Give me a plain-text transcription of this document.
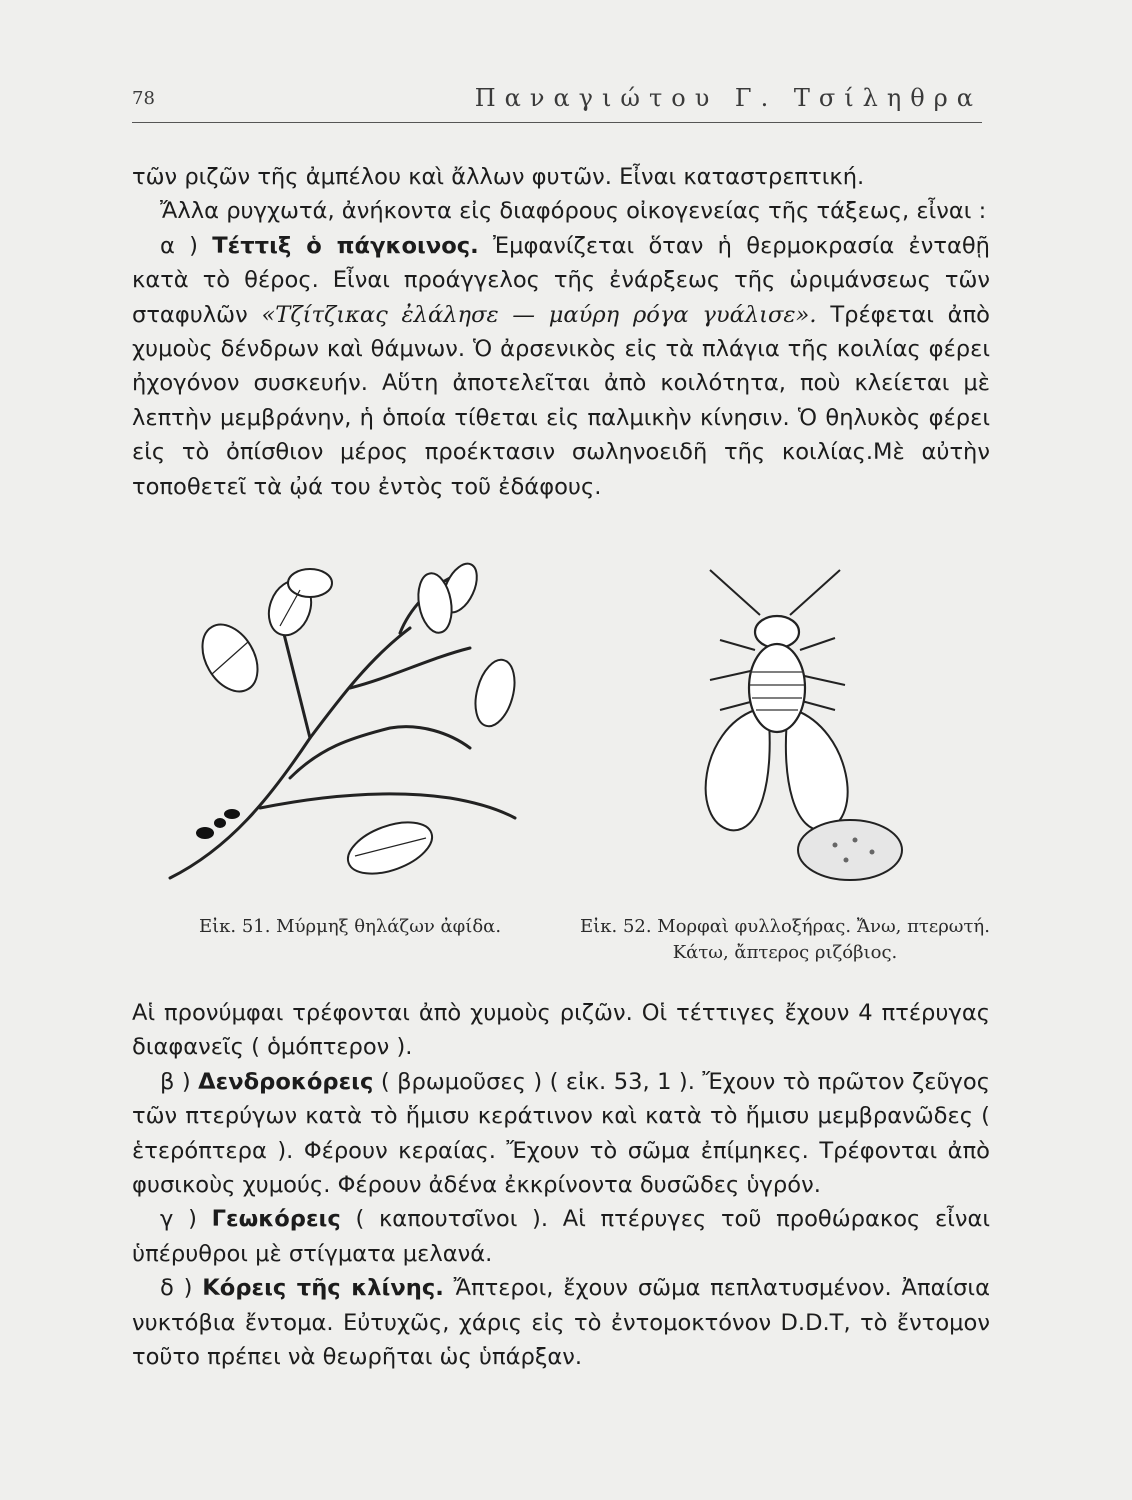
78	Παναγιώτου Γ. Τσίληθρα

τῶν ριζῶν τῆς ἀμπέλου καὶ ἄλλων φυτῶν. Εἶναι καταστρεπτική.

Ἄλλα ρυγχωτά, ἀνήκοντα εἰς διαφόρους οἰκογενείας τῆς τάξεως, εἶναι :

α ) Τέττιξ ὁ πάγκοινος. Ἐμφανίζεται ὅταν ἡ θερμοκρασία ἐνταθῇ κατὰ τὸ θέρος. Εἶναι προάγγελος τῆς ἐνάρξεως τῆς ὡριμάνσεως τῶν σταφυλῶν «Τζίτζικας ἐλάλησε — μαύρη ρόγα γυάλισε». Τρέφεται ἀπὸ χυμοὺς δένδρων καὶ θάμνων. Ὁ ἀρσενικὸς εἰς τὰ πλάγια τῆς κοιλίας φέρει ἠχογόνον συσκευήν. Αὕτη ἀποτελεῖται ἀπὸ κοιλότητα, ποὺ κλείεται μὲ λεπτὴν μεμβράνην, ἡ ὁποία τίθεται εἰς παλμικὴν κίνησιν. Ὁ θηλυκὸς φέρει εἰς τὸ ὀπίσθιον μέρος προέκτασιν σωληνοειδῆ τῆς κοιλίας.Μὲ αὐτὴν τοποθετεῖ τὰ ᾠά του ἐντὸς τοῦ ἐδάφους.

Εἰκ. 51. Μύρμηξ θηλάζων ἀφίδα.	Εἰκ. 52. Μορφαὶ φυλλοξήρας. Ἄνω, πτερωτή. Κάτω, ἄπτερος ριζόβιος.

Αἱ προνύμφαι τρέφονται ἀπὸ χυμοὺς ριζῶν. Οἱ τέττιγες ἔχουν 4 πτέρυγας διαφανεῖς ( ὁμόπτερον ).

β ) Δενδροκόρεις ( βρωμοῦσες ) ( εἰκ. 53, 1 ). Ἔχουν τὸ πρῶτον ζεῦγος τῶν πτερύγων κατὰ τὸ ἥμισυ κεράτινον καὶ κατὰ τὸ ἥμισυ μεμβρανῶδες ( ἑτερόπτερα ). Φέρουν κεραίας. Ἔχουν τὸ σῶμα ἐπίμηκες. Τρέφονται ἀπὸ φυσικοὺς χυμούς. Φέρουν ἀδένα ἐκκρίνοντα δυσῶδες ὑγρόν.

γ ) Γεωκόρεις ( καπουτσῖνοι ). Αἱ πτέρυγες τοῦ προθώρακος εἶναι ὑπέρυθροι μὲ στίγματα μελανά.

δ ) Κόρεις τῆς κλίνης. Ἄπτεροι, ἔχουν σῶμα πεπλατυσμένον. Ἀπαίσια νυκτόβια ἔντομα. Εὐτυχῶς, χάρις εἰς τὸ ἐντομοκτόνον D.D.T, τὸ ἔντομον τοῦτο πρέπει νὰ θεωρῆται ὡς ὑπάρξαν.
